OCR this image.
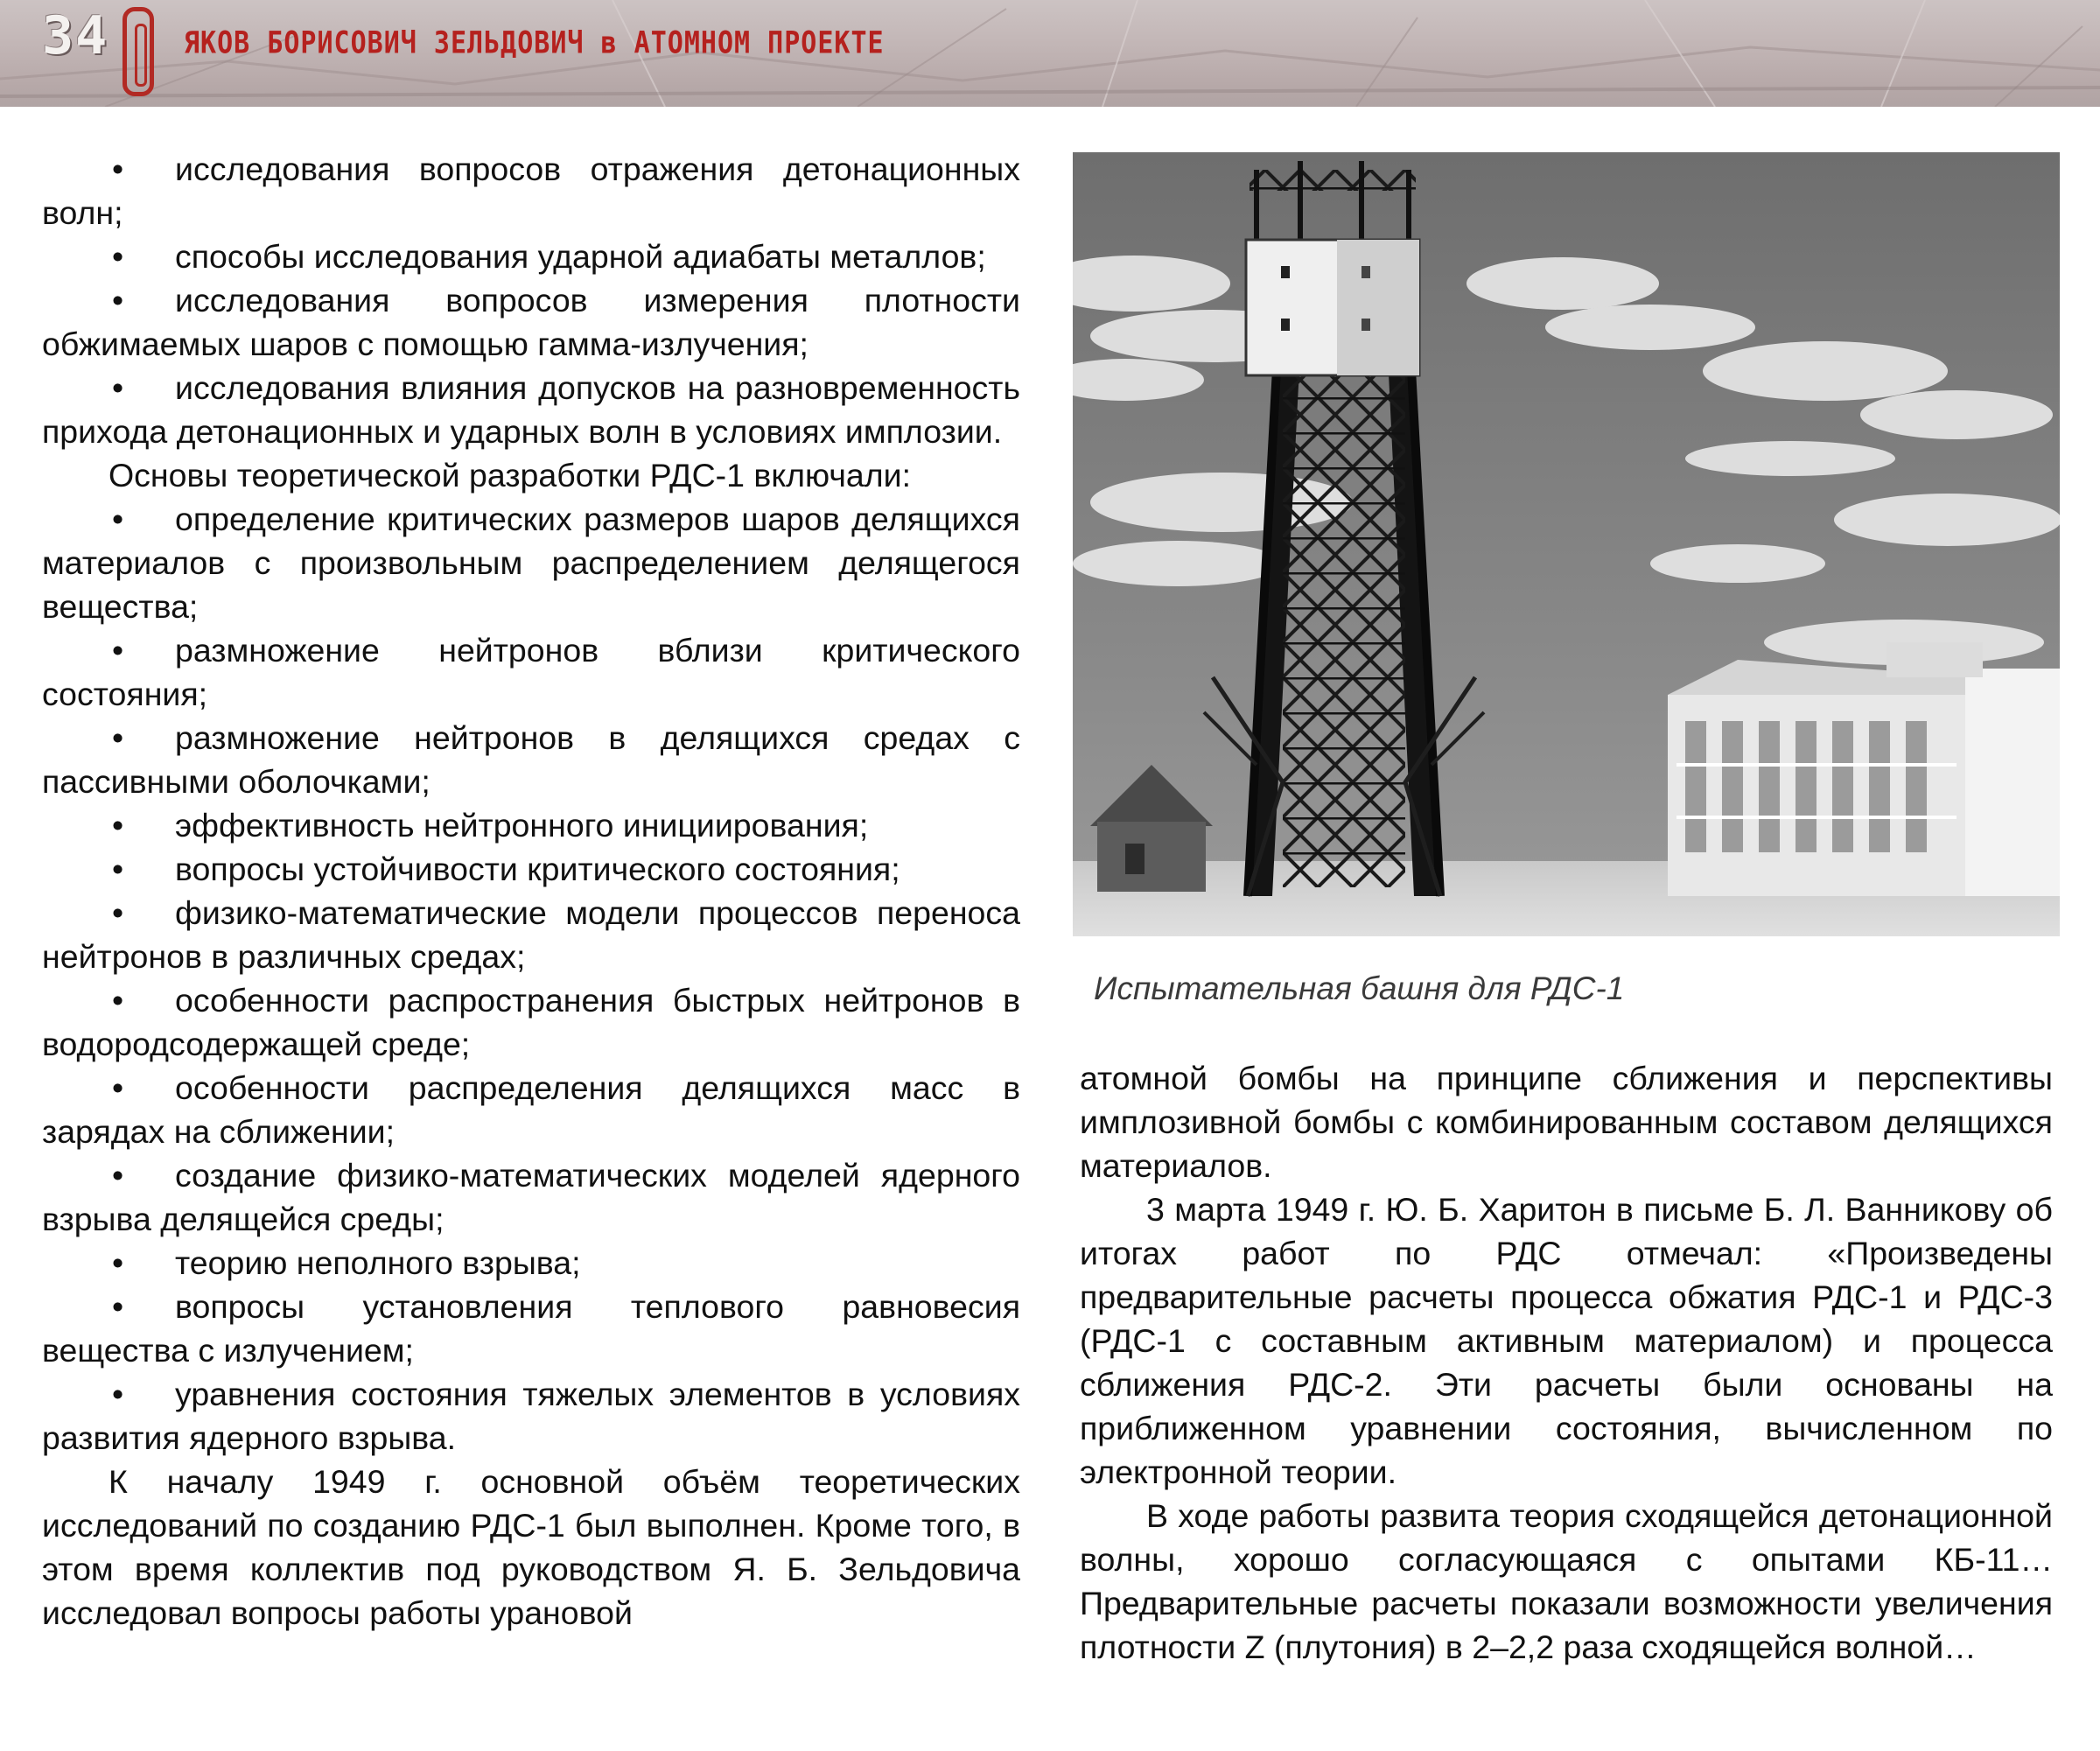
34	ЯКОВ БОРИСОВИЧ ЗЕЛЬДОВИЧ в АТОМНОМ ПРОЕКТЕ
• исследования вопросов отражения детонационных волн;
• способы исследования ударной адиабаты металлов;
• исследования вопросов измерения плотности обжимаемых шаров с помощью гамма-излучения;
• исследования влияния допусков на разновременность прихода детонационных и ударных волн в условиях имплозии.

Основы теоретической разработки РДС-1 включали:

• определение критических размеров шаров делящихся материалов с произвольным распределением делящегося вещества;
• размножение нейтронов вблизи критического состояния;
• размножение нейтронов в делящихся средах с пассивными оболочками;
• эффективность нейтронного инициирования;
• вопросы устойчивости критического состояния;
• физико-математические модели процессов переноса нейтронов в различных средах;
• особенности распространения быстрых нейтронов в водородсодержащей среде;
• особенности распределения делящихся масс в зарядах на сближении;
• создание физико-математических моделей ядерного взрыва делящейся среды;
• теорию неполного взрыва;
• вопросы установления теплового равновесия вещества с излучением;
• уравнения состояния тяжелых элементов в условиях развития ядерного взрыва.

К началу 1949 г. основной объём теоретических исследований по созданию РДС-1 был выполнен. Кроме того, в этом время коллектив под руководством Я. Б. Зельдовича исследовал вопросы работы урановой

Испытательная башня для РДС-1

атомной бомбы на принципе сближения и перспективы имплозивной бомбы с комбинированным составом делящихся материалов.

3 марта 1949 г. Ю. Б. Харитон в письме Б. Л. Ванникову об итогах работ по РДС отмечал: «Произведены предварительные расчеты процесса обжатия РДС-1 и РДС-3 (РДС-1 с составным активным материалом) и процесса сближения РДС-2. Эти расчеты были основаны на приближенном уравнении состояния, вычисленном по электронной теории.

В ходе работы развита теория сходящейся детонационной волны, хорошо согласующаяся с опытами КБ-11… Предварительные расчеты показали возможности увеличения плотности Z (плутония) в 2–2,2 раза сходящейся волной…
